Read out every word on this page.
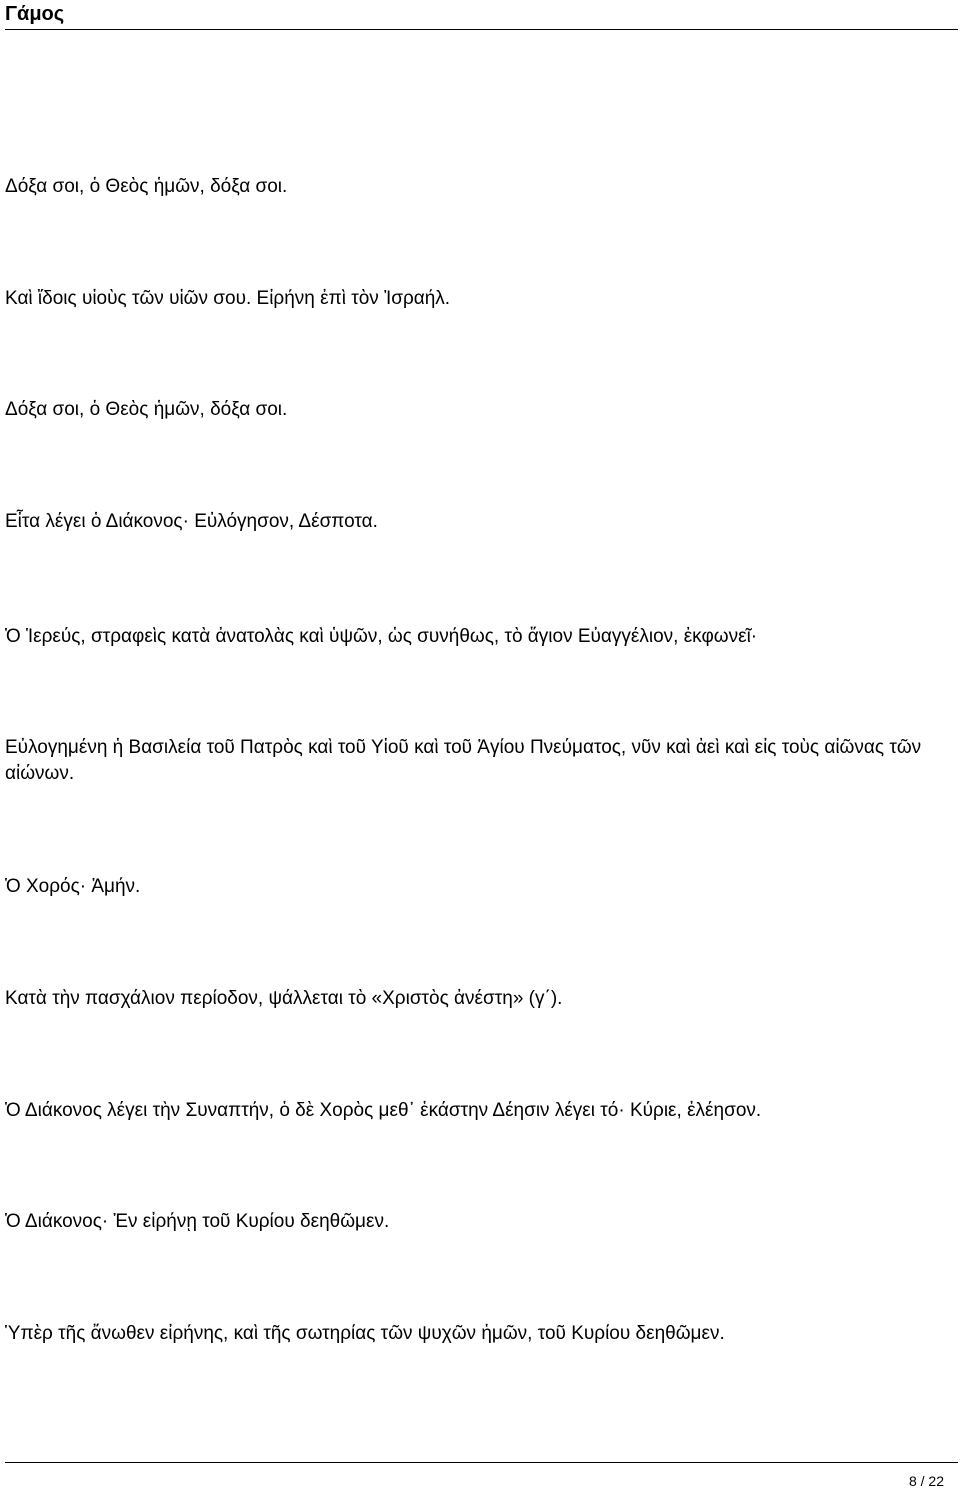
Γάμος

Δόξα σοι, ὁ Θεὸς ἡμῶν, δόξα σοι.

Καὶ ἴδοις υἱοὺς τῶν υἱῶν σου. Εἰρήνη ἐπὶ τὸν Ἰσραήλ.

Δόξα σοι, ὁ Θεὸς ἡμῶν, δόξα σοι.

Εἶτα λέγει ὁ Διάκονος· Εὐλόγησον, Δέσποτα.

Ὁ Ἱερεύς, στραφεὶς κατὰ ἀνατολὰς καὶ ὑψῶν, ὡς συνήθως, τὸ ἅγιον Εὐαγγέλιον, ἐκφωνεῖ·

Εὐλογημένη ἡ Βασιλεία τοῦ Πατρὸς καὶ τοῦ Υἱοῦ καὶ τοῦ Ἁγίου Πνεύματος, νῦν καὶ ἀεὶ καὶ εἰς τοὺς αἰῶνας τῶν αἰώνων.

Ὁ Χορός· Ἀμήν.

Κατὰ τὴν πασχάλιον περίοδον, ψάλλεται τὸ «Χριστὸς ἀνέστη» (γ΄).

Ὁ Διάκονος λέγει τὴν Συναπτήν, ὁ δὲ Χορὸς μεθ᾽ ἑκάστην Δέησιν λέγει τό· Κύριε, ἐλέησον.

Ὁ Διάκονος· Ἐν εἰρήνῃ τοῦ Κυρίου δεηθῶμεν.

Ὑπὲρ τῆς ἄνωθεν εἰρήνης, καὶ τῆς σωτηρίας τῶν ψυχῶν ἡμῶν, τοῦ Κυρίου δεηθῶμεν.

8 / 22
